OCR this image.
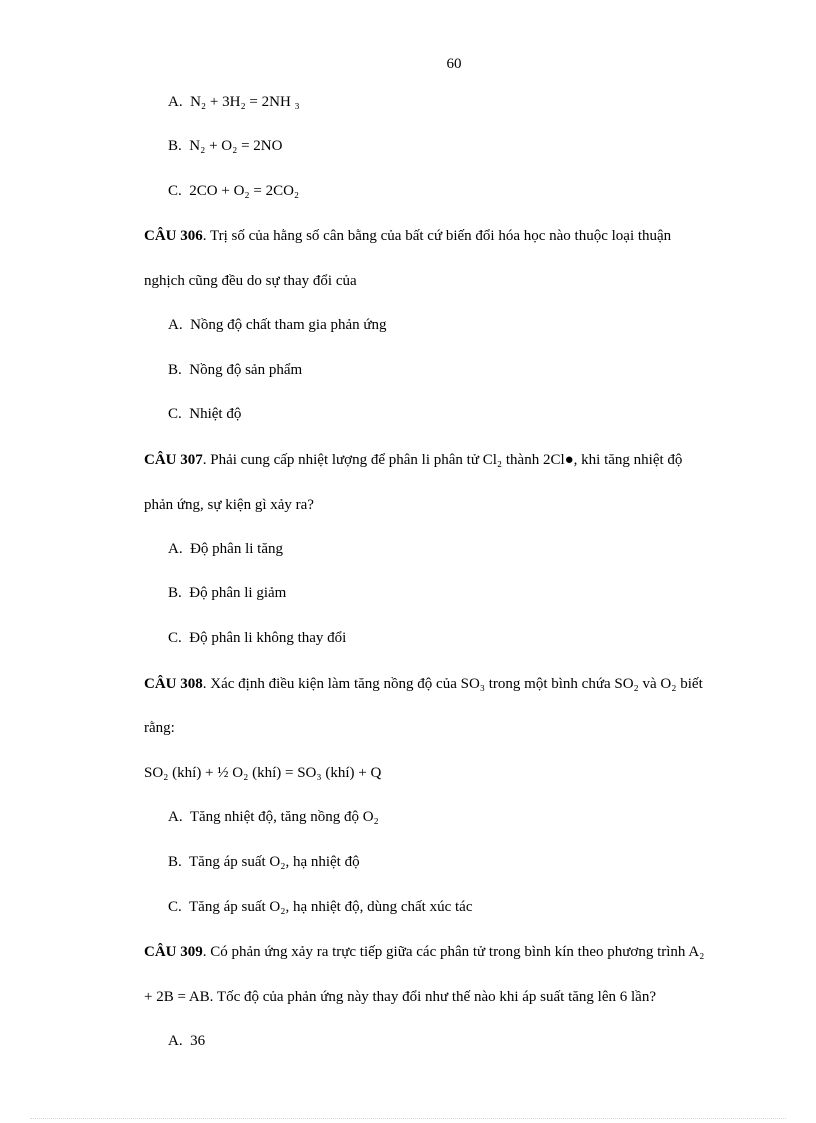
60
A. N₂ + 3H₂ = 2NH ₃
B. N₂ + O₂ = 2NO
C. 2CO + O₂ = 2CO₂
CÂU 306. Trị số của hằng số cân bằng của bất cứ biến đổi hóa học nào thuộc loại thuận
nghịch cũng đều do sự thay đổi của
A. Nồng độ chất tham gia phản ứng
B. Nồng độ sản phẩm
C. Nhiệt độ
CÂU 307. Phải cung cấp nhiệt lượng để phân li phân tử Cl₂ thành 2Cl●, khi tăng nhiệt độ
phản ứng, sự kiện gì xảy ra?
A. Độ phân li tăng
B. Độ phân li giảm
C. Độ phân li không thay đổi
CÂU 308. Xác định điều kiện làm tăng nồng độ của SO₃ trong một bình chứa SO₂ và O₂ biết
rằng:
SO₂ (khí) + ½ O₂ (khí) = SO₃ (khí) + Q
A. Tăng nhiệt độ, tăng nồng độ O₂
B. Tăng áp suất O₂, hạ nhiệt độ
C. Tăng áp suất O₂, hạ nhiệt độ, dùng chất xúc tác
CÂU 309. Có phản ứng xảy ra trực tiếp giữa các phân tử trong bình kín theo phương trình A₂
+ 2B = AB. Tốc độ của phản ứng này thay đổi như thế nào khi áp suất tăng lên 6 lần?
A. 36
